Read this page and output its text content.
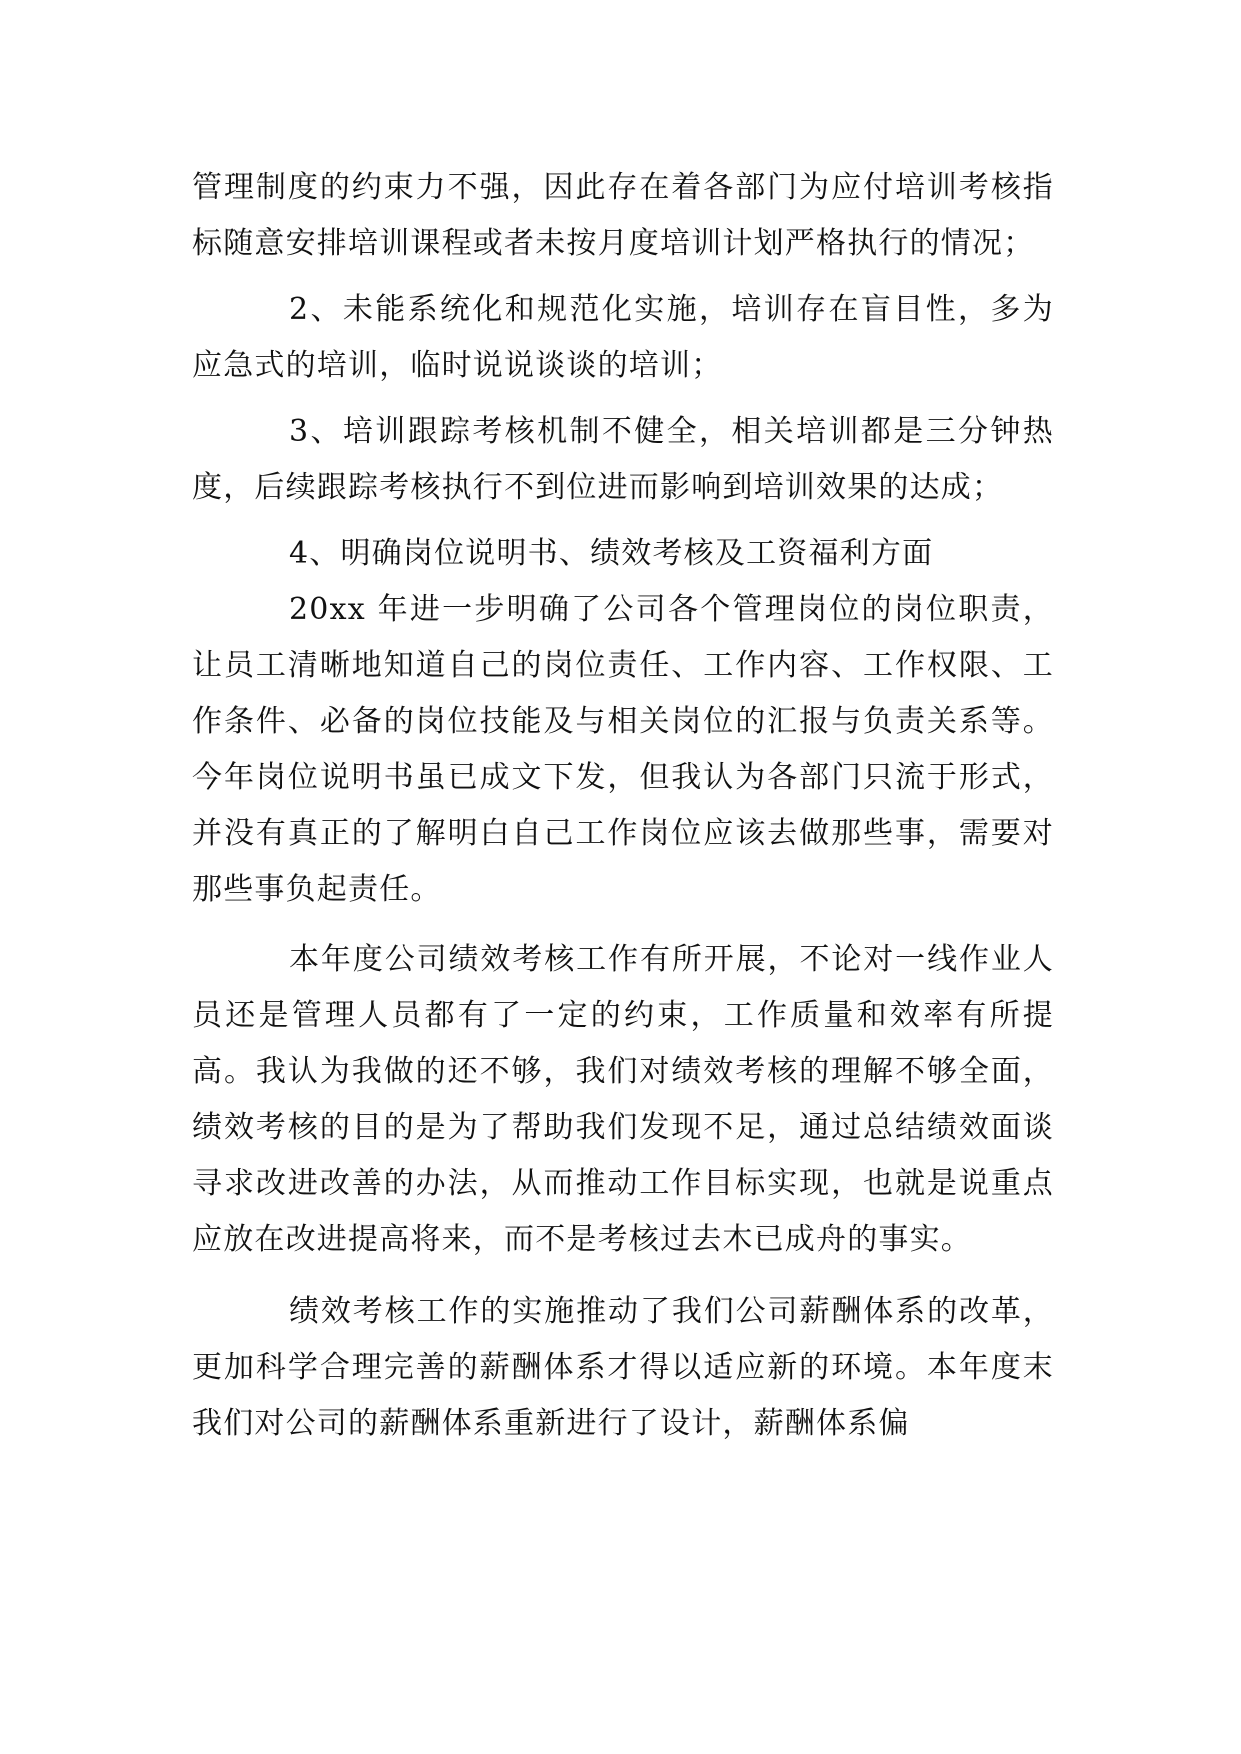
管理制度的约束力不强，因此存在着各部门为应付培训考核指标随意安排培训课程或者未按月度培训计划严格执行的情况；

2、未能系统化和规范化实施，培训存在盲目性，多为应急式的培训，临时说说谈谈的培训；

3、培训跟踪考核机制不健全，相关培训都是三分钟热度，后续跟踪考核执行不到位进而影响到培训效果的达成；

4、明确岗位说明书、绩效考核及工资福利方面

20xx 年进一步明确了公司各个管理岗位的岗位职责，让员工清晰地知道自己的岗位责任、工作内容、工作权限、工作条件、必备的岗位技能及与相关岗位的汇报与负责关系等。今年岗位说明书虽已成文下发，但我认为各部门只流于形式，并没有真正的了解明白自己工作岗位应该去做那些事，需要对那些事负起责任。

本年度公司绩效考核工作有所开展，不论对一线作业人员还是管理人员都有了一定的约束，工作质量和效率有所提高。我认为我做的还不够，我们对绩效考核的理解不够全面，绩效考核的目的是为了帮助我们发现不足，通过总结绩效面谈寻求改进改善的办法，从而推动工作目标实现，也就是说重点应放在改进提高将来，而不是考核过去木已成舟的事实。

绩效考核工作的实施推动了我们公司薪酬体系的改革，更加科学合理完善的薪酬体系才得以适应新的环境。本年度末我们对公司的薪酬体系重新进行了设计，薪酬体系偏
